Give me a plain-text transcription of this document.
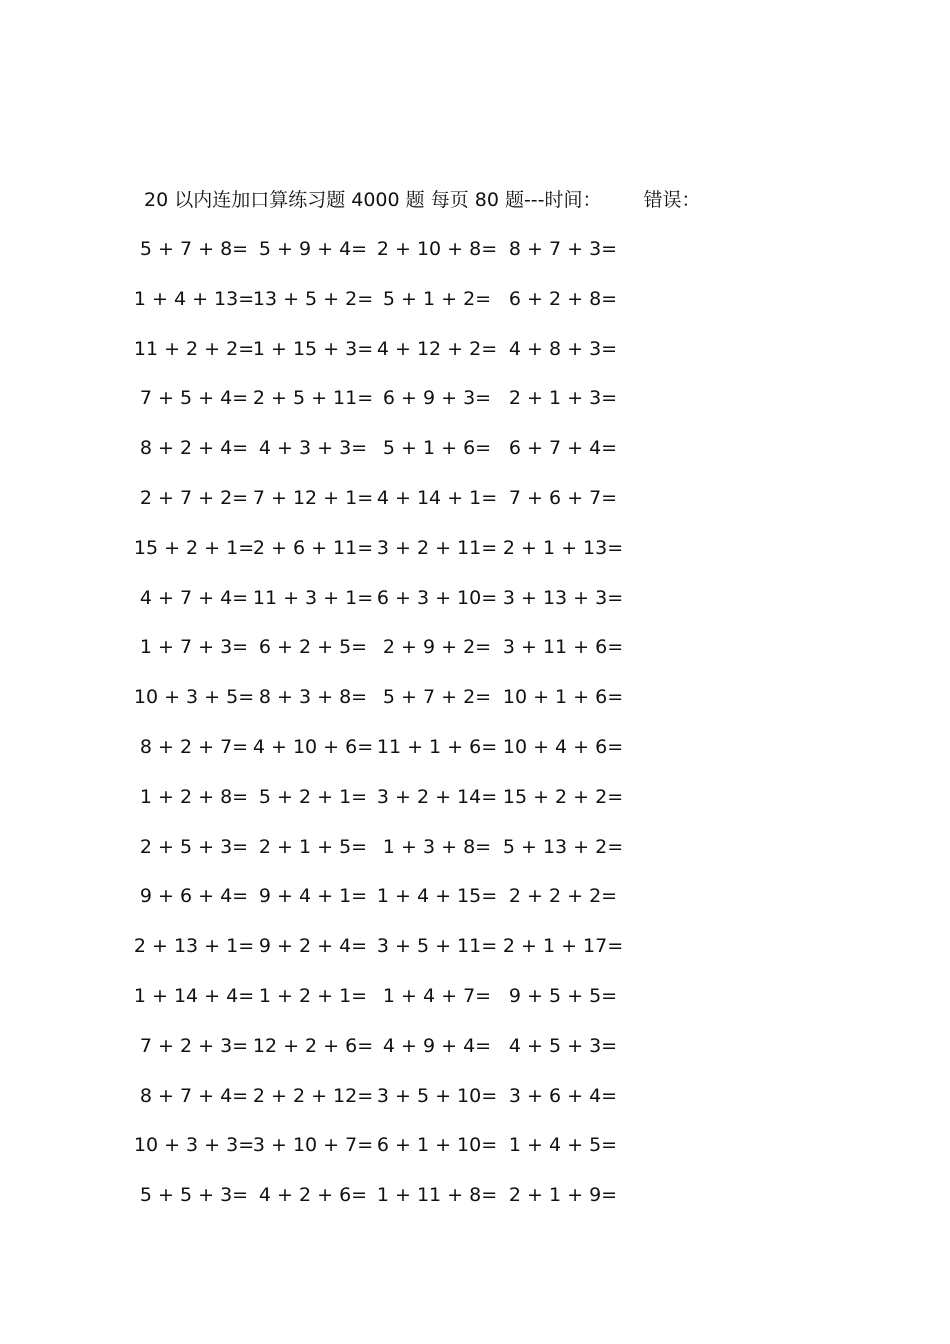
20 以内连加口算练习题 4000 题 每页 80 题---时间： 错误：
5 + 7 + 8= 5 + 9 + 4= 2 + 10 + 8= 8 + 7 + 3=
1 + 4 + 13=
13 + 5 + 2= 5 + 1 + 2= 6 + 2 + 8=
11 + 2 + 2=
1 + 15 + 3= 4 + 12 + 2= 4 + 8 + 3=
7 + 5 + 4= 2 + 5 + 11= 6 + 9 + 3= 2 + 1 + 3=
8 + 2 + 4= 4 + 3 + 3= 5 + 1 + 6= 6 + 7 + 4=
2 + 7 + 2= 7 + 12 + 1= 4 + 14 + 1= 7 + 6 + 7=
15 + 2 + 1=
2 + 6 + 11= 3 + 2 + 11= 2 + 1 + 13=
4 + 7 + 4= 11 + 3 + 1= 6 + 3 + 10= 3 + 13 + 3=
1 + 7 + 3= 6 + 2 + 5= 2 + 9 + 2= 3 + 11 + 6=
10 + 3 + 5= 8 + 3 + 8= 5 + 7 + 2= 10 + 1 + 6=
8 + 2 + 7= 4 + 10 + 6= 11 + 1 + 6= 10 + 4 + 6=
1 + 2 + 8= 5 + 2 + 1= 3 + 2 + 14= 15 + 2 + 2=
2 + 5 + 3= 2 + 1 + 5= 1 + 3 + 8= 5 + 13 + 2=
9 + 6 + 4= 9 + 4 + 1= 1 + 4 + 15= 2 + 2 + 2=
2 + 13 + 1= 9 + 2 + 4= 3 + 5 + 11= 2 + 1 + 17=
1 + 14 + 4= 1 + 2 + 1= 1 + 4 + 7= 9 + 5 + 5=
7 + 2 + 3= 12 + 2 + 6= 4 + 9 + 4= 4 + 5 + 3=
8 + 7 + 4= 2 + 2 + 12= 3 + 5 + 10= 3 + 6 + 4=
10 + 3 + 3=
3 + 10 + 7= 6 + 1 + 10= 1 + 4 + 5=
5 + 5 + 3= 4 + 2 + 6= 1 + 11 + 8= 2 + 1 + 9=
